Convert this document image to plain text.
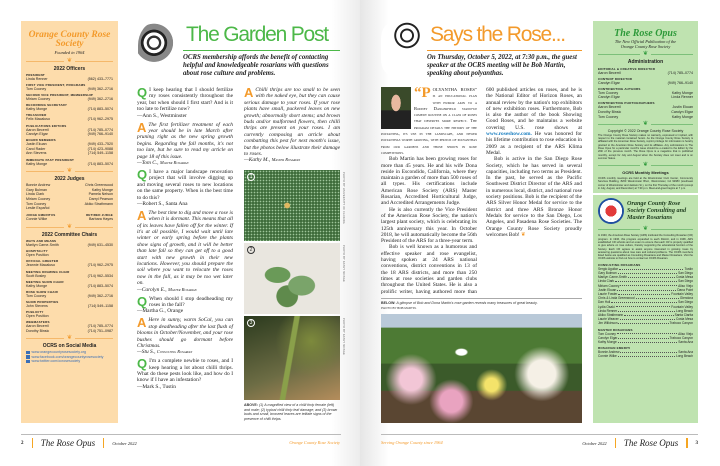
Orange County Rose Society
Founded in 1964
❦
2022 Officers
PRESIDENT
Linda Renner	(562) 433–7771
FIRST VICE PRESIDENT, PROGRAMS
Tom Cooney	(949) 362–2716
SECOND VICE PRESIDENT, MEMBERSHIP
Miriam Cooney	(949) 362–2716
RECORDING SECRETARY
Kathy Monge	(714) 883–5074
TREASURER
Felix Macaluso	(714) 962–2975
PUBLICATIONS EDITORS
Aaron Becerril	(714) 785–0774
Carolyn Elgar	(949) 766–9140
BOARD MEMBERS
Justin Ekuan	(949) 433–7520
Carol Rader	(714) 423–9088
Ann Stevens	(714) 549–1158
IMMEDIATE PAST PRESIDENT
Kathy Monge	(714) 883–5074
❦
2022 Judges
Bonnie Andrew	Chris Greenwood
Gary Bulman	Kathy Monge
Linda Clark	Pamela Nelson
Miriam Cooney	Darryl Pearson
Tom Cooney	Akiko Strathmann
Leslie Español
JUDGE EMERITUS	RETIRED JUDGE
Connie Wilke	Barbara Hayes
❦
2022 Committee Chairs
WAYS AND MEANS
Marilyn Carne-Smith	(949) 631–4530
HOSPITALITY
Open Position
OFFICIAL GREETER
Jeannie Macaluso	(714) 962–2975
MEETING DRAWING CHAIR
Scott Bosley	(714) 962–5534
MEETING SHOW CHAIR
Kathy Monge	(714) 883–5074
ROSE SHOW CHAIR
Tom Cooney	(949) 362–2716
SHOW PROPERTIES
John Stevens	(714) 549–1158
PUBLICITY
Open Position
WEBMASTERS
Aaron Becerril	(714) 785–0774
Dorothy Binsic	(714) 751–0987
❦
OCRS on Social Media
www.orangecountyrosesociety.org
www.facebook.com/orangecountyrosesociety
www.twitter.com/ocrosesociety
The Garden Post
OCRS membership affords the benefit of contacting helpful and knowledgeable rosarians with questions about rose culture and problems.
Q I keep hearing that I should fertilize my roses consistently throughout the year, but when should I first start? And is it too late to fertilize now?
—Ann S., Westminster
A The first fertilizer treatment of each year should be in late March after pruning right as the new spring growth begins. Regarding the fall months, it's not too late, but be sure to read my article on page 18 of this issue.
—Tom C., Master Rosarian
Q I have a major landscape renovation project that will involve digging up and moving several roses to new locations on the same property. When is the best time to do this?
—Robert S., Santa Ana
A The best time to dig and move a rose is when it is dormant. This means that all of its leaves have fallen off for the winter. If it's at all possible, I would wait until late winter or early spring before the plants show signs of growth, and it will be better than late fall so they can get off to a good start with new growth in their new locations. However, you should prepare the soil where you want to relocate the roses now in the fall, as it may be too wet later on.
—Carolyn E., Master Rosarian
Q When should I stop deadheading my roses in the fall?
—Martha G., Orange
A Here in sunny, warm SoCal, you can stop deadheading after the last flush of blooms in October/November, and your rose bushes should go dormant before Christmas.
—Stu S., Consulting Rosarian
Q I'm a complete newbie to roses, and I keep hearing a lot about chilli thrips. What do these pests look like, and how do I know if I have an infestation?
—Mark S., Tustin
A Chilli thrips are too small to be seen with the naked eye, but they can cause serious damage to your roses. If your rose plants have small, puckered leaves on new growth; abnormally short stems; and brown buds and/or malformed flowers, then chilli thrips are present on your roses. I am currently composing an article about combatting this pest for next month's issue, but the photos below illustrate their damage to roses.
—Kathy M., Master Rosarian
1
2
3
PHOTO BY UNIVERSITY OF FLORIDA
PHOTO BY KATHY MONGE
PHOTO BY KATHY MONGE
ABOVE: (1) A magnified view of a chilli thrip female (left) and male; (2) typical chilli thrip leaf damage; and (3) brown buds and small, bronzed leaves are telltale signs of the presence of chilli thrips.
Says the Rose...
On Thursday, October 5, 2022, at 7:30 p.m., the guest speaker at the OCRS meeting will be Bob Martin, speaking about polyanthas.

“POLYANTHA ROSES” is an educational plan with humor akin to a Rodney Dangerfield stand-up comedy routine on a class of roses that deserves more respect. The program details the history of the polyantha, its use in the landscape, and newer polyanthas worth growing, with photos of polyanthas from our gardens and those shown in rose competitions.

Bob Martin has been growing roses for more than 45 years. He and his wife Dona reside in Escondido, California, where they maintain a garden of more than 500 roses of all types. His certifications include American Rose Society (ARS) Master Rosarian, Accredited Horticultural Judge, and Accredited Arrangements Judge.

He is also currently the Vice President of the American Rose Society, the nation's largest plant society, which is celebrating its 125th anniversary this year. In October 2018, he will automatically become the 56th President of the ARS for a three-year term.

Bob is well known as a humorous and effective speaker and rose evangelist, having spoken at 24 ARS national conventions, district conventions in 13 of the 18 ARS districts, and more than 250 times at rose societies and garden clubs throughout the United States. He is also a prolific writer, having authored more than 600 published articles on roses, and he is the National Editor of Horizon Roses, an annual review by the nation's top exhibitors of new exhibition roses. Furthermore, Bob is also the author of the book Showing Good Roses, and he maintains a website covering U.S. rose shows at www.roseshow.com. He was honored for his lifetime contribution to rose education in 2009 as a recipient of the ARS Klima Medal.

Bob is active in the San Diego Rose Society, which he has served in several capacities, including two terms as President. In the past, he served as the Pacific Southwest District Director of the ARS and in numerous local, district, and national rose society positions. Bob is the recipient of the ARS Silver Honor Medal for service to the district and three ARS Bronze Honor Medals for service to the San Diego, Los Angeles, and Pasadena Rose Societies. The Orange County Rose Society proudly welcomes Bob! ❦

BELOW: A glimpse of Bob and Dona Martin's rose garden reveals many treasures of great beauty.
PHOTO BY BOB MARTIN.
The Rose Opus
The New Official Publication of the Orange County Rose Society
❦
Administration
EDITORIAL & CREATIVE DIRECTOR
Aaron Becerril	(714) 785–0774
CONTENT DIRECTOR
Carolyn Elgar	(949) 766–9140
CONTRIBUTING AUTHORS
Tom Cooney	Kathy Monge
Carolyn Elgar	Linda Renner
CONTRIBUTING PHOTOGRAPHERS
Aaron Becerril	Justin Ekuan
Dorothy Binsic	Carolyn Elgar
Tom Cooney	Kathy Monge
❦
Copyright © 2022 Orange County Rose Society
The Orange County Rose Society makes no warranty, expressed or implied, with respect to the material contained herein. As the Orange County Rose Society is affiliated with the American Rose Society, reprint privilege for information is hereby granted to the American Rose Society and its affiliates. Any submissions to The Rose Opus for a particular month's issue should be e-mailed to the Editor by the 20th of the previous month. The Rose Opus is a magazine that is published monthly, except for July and August when the Society does not meet and is on summer hiatus.
❦
OCRS Monthly Meetings
OCRS monthly meetings are held at the Westminster Civic Center, Community Services Building, 8200 Westminster Blvd., Westminster, CA 92683 (southeast corner of Westminster and Jackson St.), on the first Thursday of the month (except in July, August, and December) at 7:30 p.m. Meet-and-greet begins at 7 p.m.
Orange County Rose Society Consulting and Master Rosarians
❦
In 1930, the American Rose Society (ARS) instituted the Consulting Rosarian (CR) program. In 1946, this program expanded to each District, and in 1996, ARS established CR schools and an exam to ensure that each CR is properly qualified to give advice on rose culture, thereby supporting the educational function of the Society. Each CR agrees to assist anyone interested in growing roses by answering questions about rose care and cultural problems. The OCRS members listed below are qualified as Consulting Rosarians and Master Rosarians. Visit the OCRS website to find out how to contact an OCRS Rosarian.
CONSULTING ROSARIANS
Sergio Aguilar	Tustin
Gary Bulman	San Diego
Marilyn Carne-Smith	Costa Mesa
Linda Clark	San Diego
Miriam Cooney	Aliso Viejo
Justin Ekuan	Dana Point
Laurie Fowler	Fountain Valley
Chris & Linda Greenwood	Glendora
Dan Hull	San Diego
Lydia Osaki	Fountain Valley
Linda Renner	Long Beach
Akiko Strathmann	Santa Clarita
Laurie Weaver	Costa Mesa
Jim Wilkinson	Trabuco Canyon
MASTER ROSARIANS
Tom Cooney	Aliso Viejo
Carolyn Elgar	Trabuco Canyon
Kathy Monge	Santa Ana
ROSARIAN EMERITI
Bonnie Andrew	Santa Ana
Connie Wilke	Long Beach
2 The Rose Opus	October 2022	Orange County Rose Society	Serving Orange County since 1964	October 2022 The Rose Opus	3
